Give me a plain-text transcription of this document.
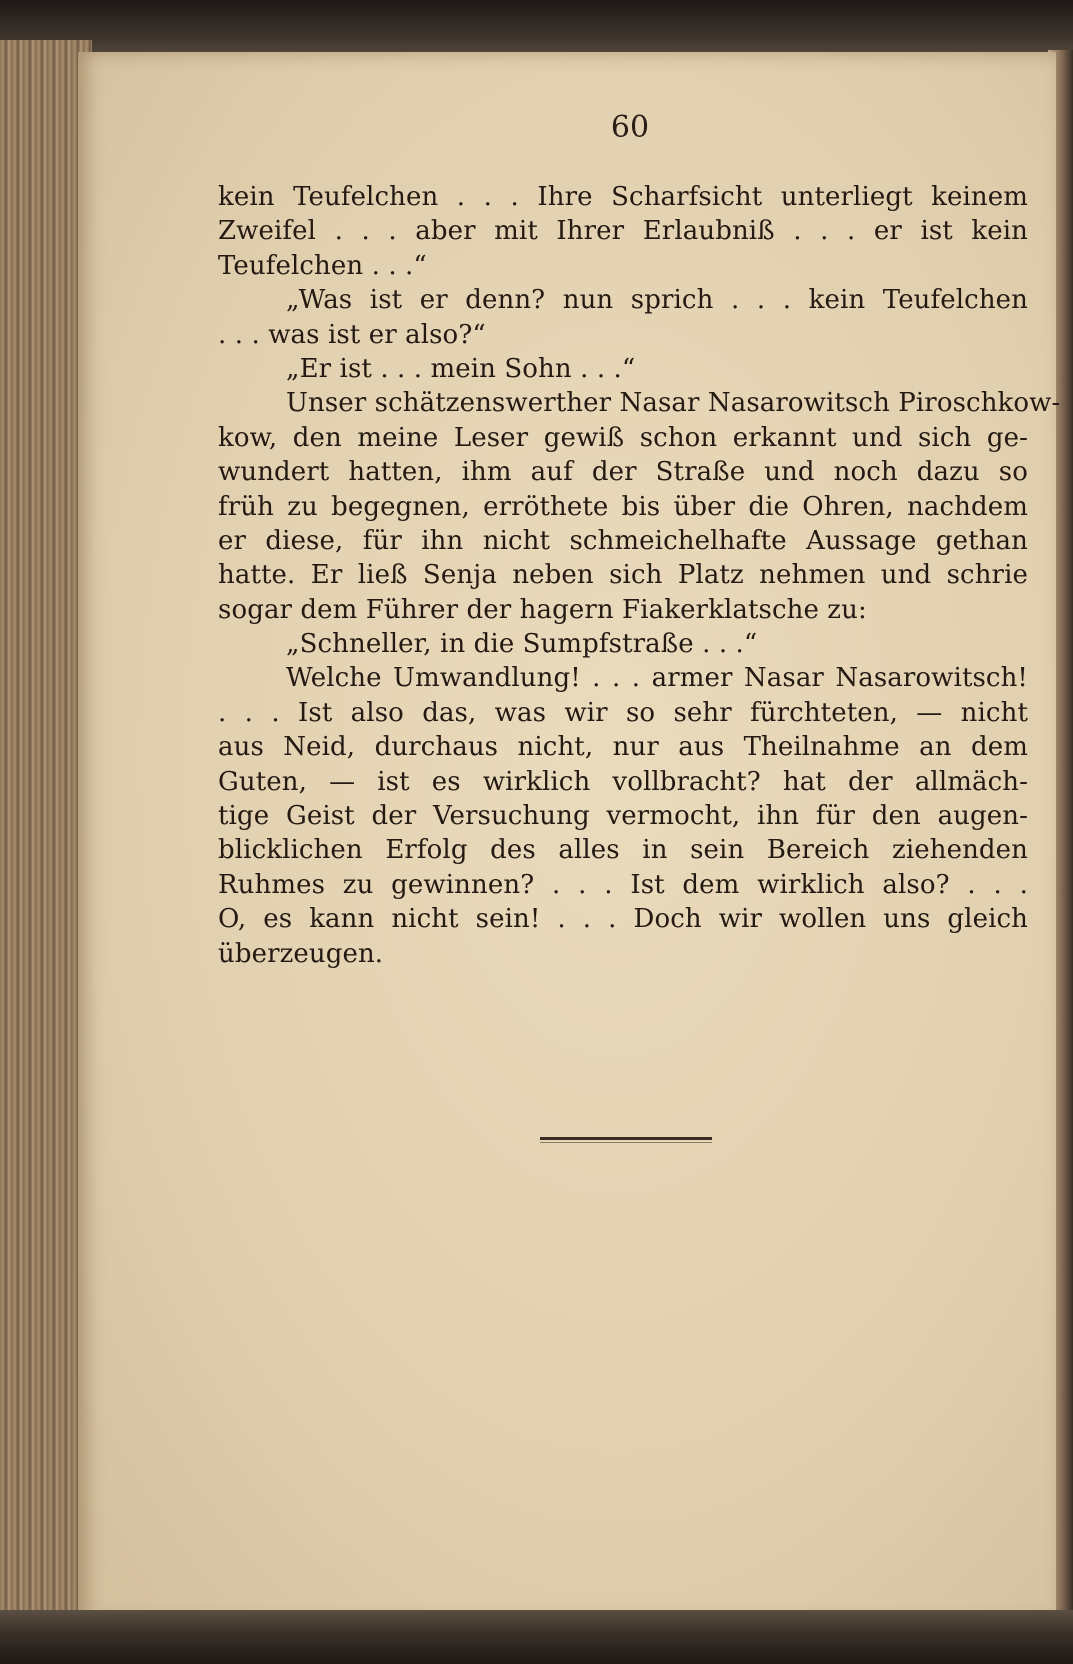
60
kein Teufelchen . . . Ihre Scharfsicht unterliegt keinem
Zweifel . . . aber mit Ihrer Erlaubniß . . . er ist kein
Teufelchen . . .“
„Was ist er denn? nun sprich . . . kein Teufelchen
. . . was ist er also?“
„Er ist . . . mein Sohn . . .“
Unser schätzenswerther Nasar Nasarowitsch Piroschkow-
kow, den meine Leser gewiß schon erkannt und sich ge-
wundert hatten, ihm auf der Straße und noch dazu so
früh zu begegnen, erröthete bis über die Ohren, nachdem
er diese, für ihn nicht schmeichelhafte Aussage gethan
hatte. Er ließ Senja neben sich Platz nehmen und schrie
sogar dem Führer der hagern Fiakerklatsche zu:
„Schneller, in die Sumpfstraße . . .“
Welche Umwandlung! . . . armer Nasar Nasarowitsch!
. . . Ist also das, was wir so sehr fürchteten, — nicht
aus Neid, durchaus nicht, nur aus Theilnahme an dem
Guten, — ist es wirklich vollbracht? hat der allmäch-
tige Geist der Versuchung vermocht, ihn für den augen-
blicklichen Erfolg des alles in sein Bereich ziehenden
Ruhmes zu gewinnen? . . . Ist dem wirklich also? . . .
O, es kann nicht sein! . . . Doch wir wollen uns gleich
überzeugen.
